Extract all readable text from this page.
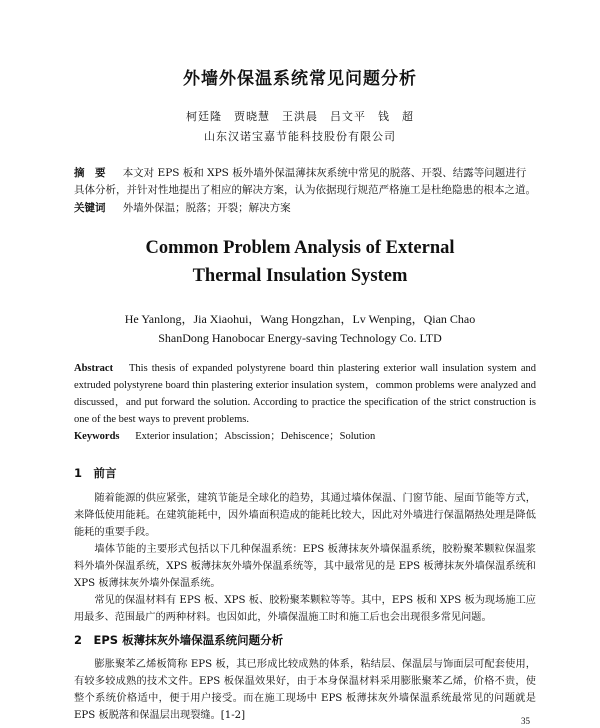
外墙外保温系统常见问题分析

柯廷隆　贾晓慧　王洪晨　吕文平　钱　超

山东汉诺宝嘉节能科技股份有限公司

摘　要 　 本文对 EPS 板和 XPS 板外墙外保温薄抹灰系统中常见的脱落、开裂、结露等问题进行具体分析，并针对性地提出了相应的解决方案，认为依据现行规范严格施工是杜绝隐患的根本之道。

关键词 　 外墙外保温；脱落；开裂；解决方案

Common Problem Analysis of External
Thermal Insulation System

He Yanlong，Jia Xiaohui，Wang Hongzhan，Lv Wenping，Qian Chao
ShanDong Hanobocar Energy-saving Technology Co. LTD

Abstract This thesis of expanded polystyrene board thin plastering exterior wall insulation system and extruded polystyrene board thin plastering exterior insulation system，common problems were analyzed and discussed，and put forward the solution. According to practice the specification of the strict construction is one of the best ways to prevent problems.

Keywords Exterior insulation；Abscission；Dehiscence；Solution

1　前言

随着能源的供应紧张，建筑节能是全球化的趋势，其通过墙体保温、门窗节能、屋面节能等方式，来降低使用能耗。在建筑能耗中，因外墙面积造成的能耗比较大，因此对外墙进行保温隔热处理是降低能耗的重要手段。

墙体节能的主要形式包括以下几种保温系统：EPS 板薄抹灰外墙保温系统，胶粉聚苯颗粒保温浆料外墙外保温系统，XPS 板薄抹灰外墙外保温系统等，其中最常见的是 EPS 板薄抹灰外墙保温系统和 XPS 板薄抹灰外墙外保温系统。

常见的保温材料有 EPS 板、XPS 板、胶粉聚苯颗粒等等。其中，EPS 板和 XPS 板为现场施工应用最多、范围最广的两种材料。也因如此，外墙保温施工时和施工后也会出现很多常见问题。

2　EPS 板薄抹灰外墙保温系统问题分析

膨胀聚苯乙烯板简称 EPS 板，其已形成比较成熟的体系，粘结层、保温层与饰面层可配套使用，有较多较成熟的技术文件。EPS 板保温效果好，由于本身保温材料采用膨胀聚苯乙烯，价格不贵，使整个系统价格适中，便于用户接受。而在施工现场中 EPS 板薄抹灰外墙保温系统最常见的问题就是 EPS 板脱落和保温层出现裂缝。[1-2]	35
